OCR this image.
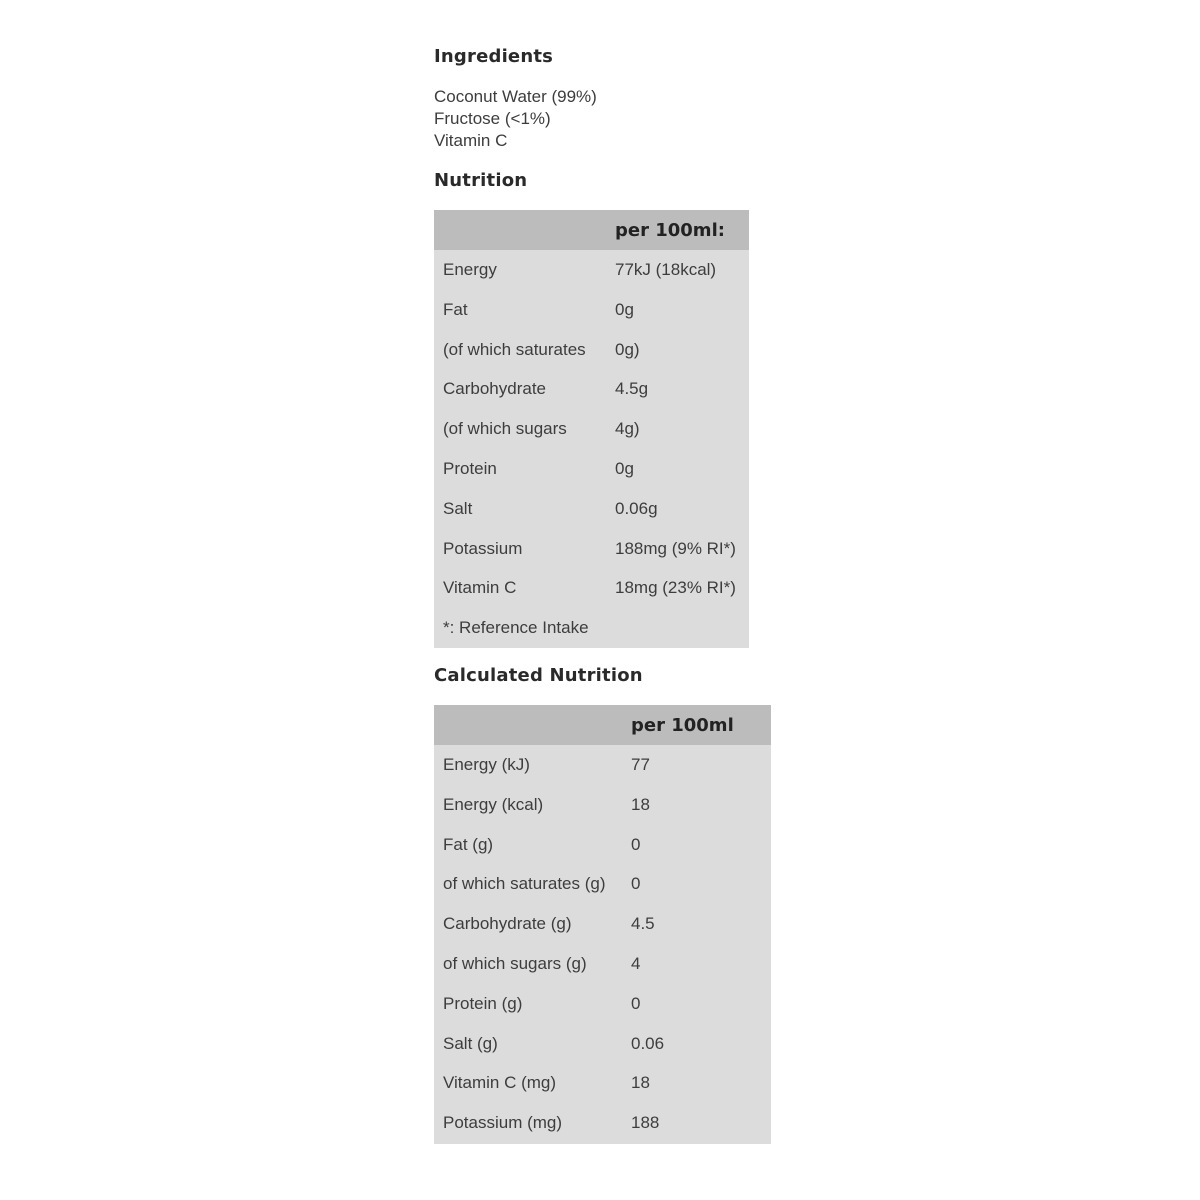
Ingredients
Coconut Water (99%)
Fructose (<1%)
Vitamin C
Nutrition
per 100ml:
Energy	77kJ (18kcal)
Fat	0g
(of which saturates 0g)
Carbohydrate	4.5g
(of which sugars	4g)
Protein	0g
Salt	0.06g
Potassium	188mg (9% RI*)
Vitamin C	18mg (23% RI*)
*: Reference Intake
Calculated Nutrition
per 100ml
Energy (kJ)	77
Energy (kcal)	18
Fat (g)	0
of which saturates (g) 0
Carbohydrate (g)	4.5
of which sugars (g)	4
Protein (g)	0
Salt (g)	0.06
Vitamin C (mg)	18
Potassium (mg)	188
